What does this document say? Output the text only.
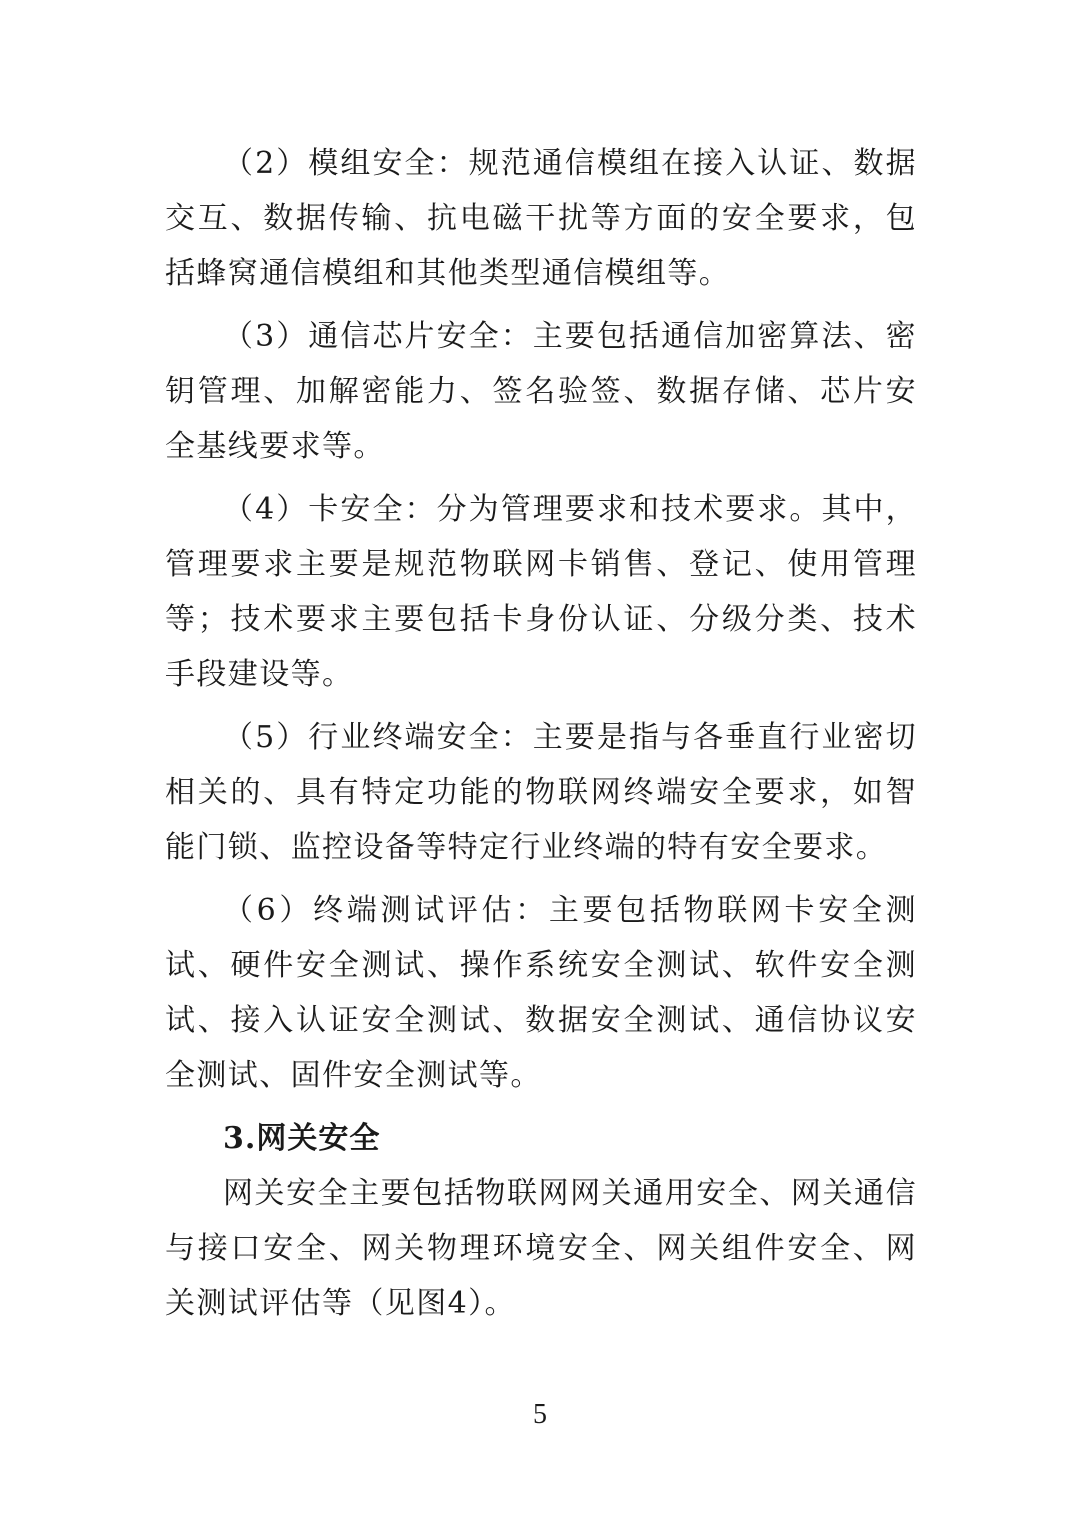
（2）模组安全：规范通信模组在接入认证、数据交互、数据传输、抗电磁干扰等方面的安全要求，包括蜂窝通信模组和其他类型通信模组等。

（3）通信芯片安全：主要包括通信加密算法、密钥管理、加解密能力、签名验签、数据存储、芯片安全基线要求等。

（4）卡安全：分为管理要求和技术要求。其中，管理要求主要是规范物联网卡销售、登记、使用管理等；技术要求主要包括卡身份认证、分级分类、技术手段建设等。

（5）行业终端安全：主要是指与各垂直行业密切相关的、具有特定功能的物联网终端安全要求，如智能门锁、监控设备等特定行业终端的特有安全要求。

（6）终端测试评估：主要包括物联网卡安全测试、硬件安全测试、操作系统安全测试、软件安全测试、接入认证安全测试、数据安全测试、通信协议安全测试、固件安全测试等。

3.网关安全

网关安全主要包括物联网网关通用安全、网关通信与接口安全、网关物理环境安全、网关组件安全、网关测试评估等（见图4）。

5
